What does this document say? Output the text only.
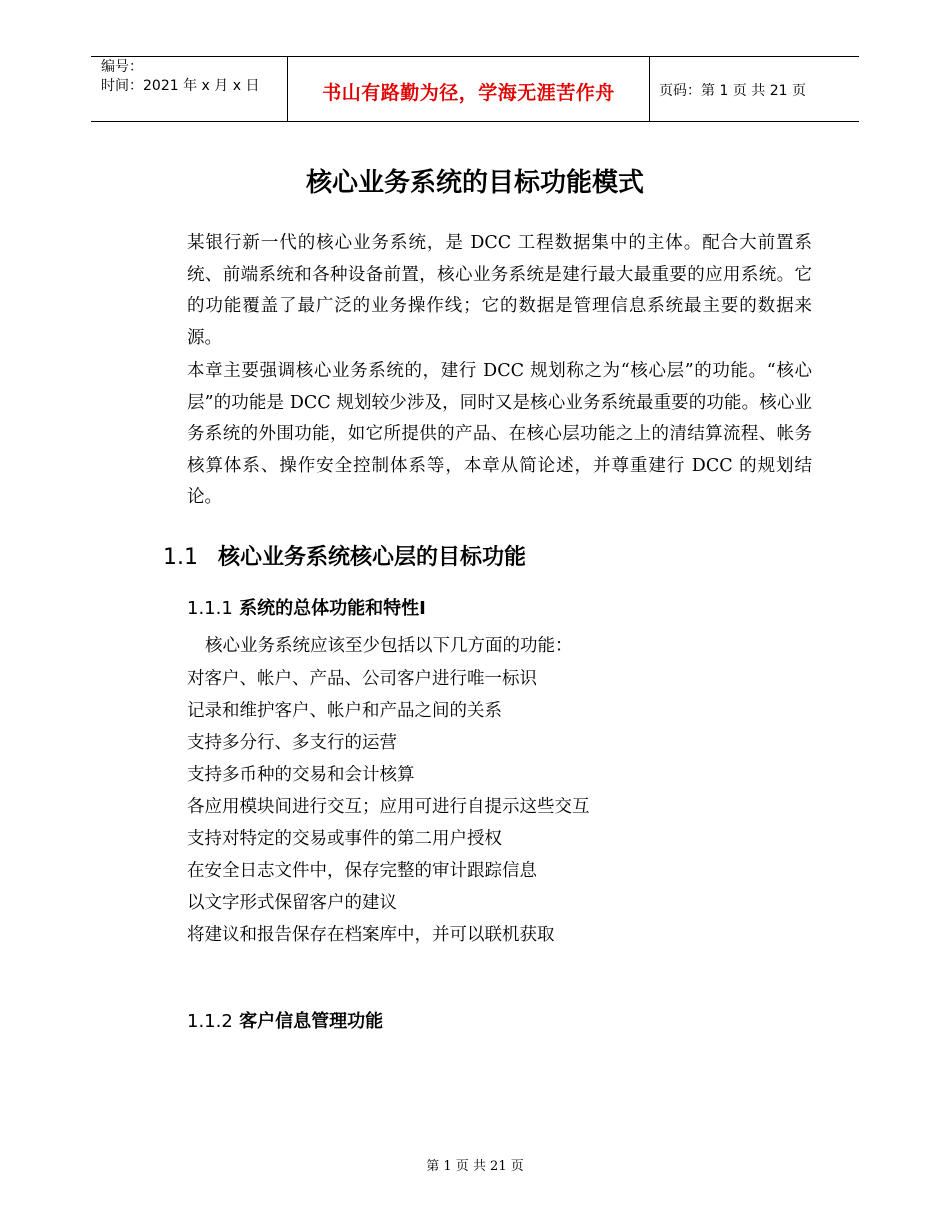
编号：
时间：2021 年 x 月 x 日	书山有路勤为径，学海无涯苦作舟	页码：第 1 页 共 21 页
核心业务系统的目标功能模式
某银行新一代的核心业务系统，是 DCC 工程数据集中的主体。配合大前置系统、前端系统和各种设备前置，核心业务系统是建行最大最重要的应用系统。它的功能覆盖了最广泛的业务操作线；它的数据是管理信息系统最主要的数据来源。
本章主要强调核心业务系统的，建行 DCC 规划称之为“核心层”的功能。“核心层”的功能是 DCC 规划较少涉及，同时又是核心业务系统最重要的功能。核心业务系统的外围功能，如它所提供的产品、在核心层功能之上的清结算流程、帐务核算体系、操作安全控制体系等，本章从简论述，并尊重建行 DCC 的规划结论。
1.1 核心业务系统核心层的目标功能
1.1.1 系统的总体功能和特性I
核心业务系统应该至少包括以下几方面的功能：
对客户、帐户、产品、公司客户进行唯一标识
记录和维护客户、帐户和产品之间的关系
支持多分行、多支行的运营
支持多币种的交易和会计核算
各应用模块间进行交互；应用可进行自提示这些交互
支持对特定的交易或事件的第二用户授权
在安全日志文件中，保存完整的审计跟踪信息
以文字形式保留客户的建议
将建议和报告保存在档案库中，并可以联机获取
1.1.2 客户信息管理功能
第 1 页 共 21 页
